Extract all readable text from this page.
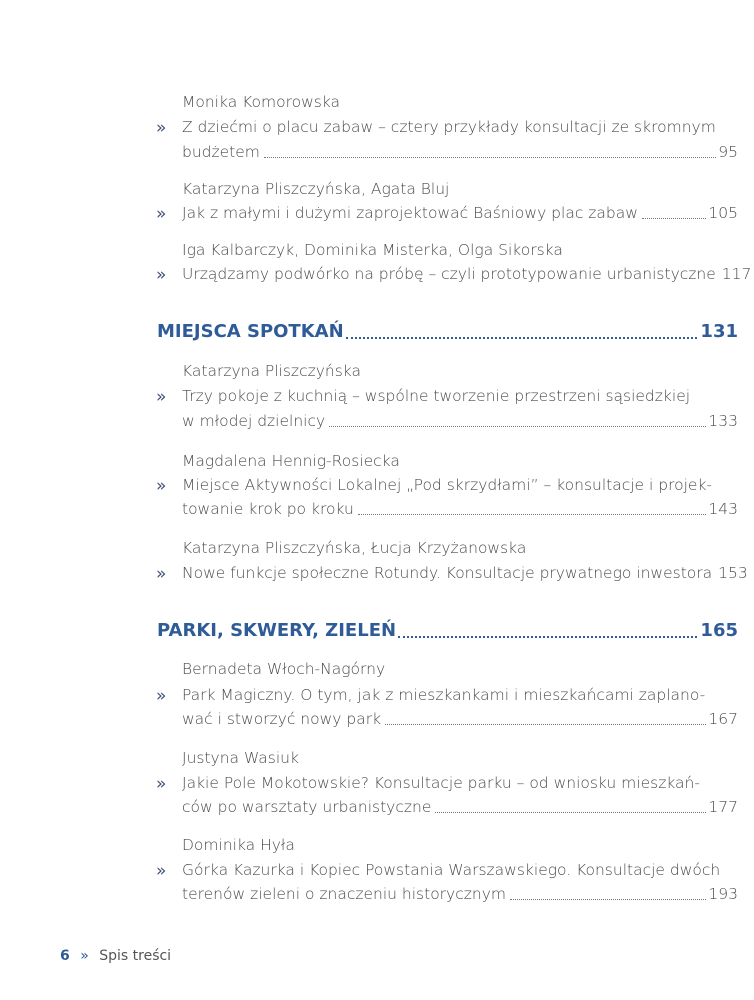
Monika Komorowska
» Z dziećmi o placu zabaw – cztery przykłady konsultacji ze skromnym
budżetem	95
Katarzyna Pliszczyńska, Agata Bluj
» Jak z małymi i dużymi zaprojektować Baśniowy plac zabaw	105
Iga Kalbarczyk, Dominika Misterka, Olga Sikorska
» Urządzamy podwórko na próbę – czyli prototypowanie urbanistyczne 117
MIEJSCA SPOTKAŃ	131
Katarzyna Pliszczyńska
» Trzy pokoje z kuchnią – wspólne tworzenie przestrzeni sąsiedzkiej
w młodej dzielnicy	133
Magdalena Hennig-Rosiecka
» Miejsce Aktywności Lokalnej „Pod skrzydłami” – konsultacje i projek-
towanie krok po kroku	143
Katarzyna Pliszczyńska, Łucja Krzyżanowska
» Nowe funkcje społeczne Rotundy. Konsultacje prywatnego inwestora 153
PARKI, SKWERY, ZIELEŃ	165
Bernadeta Włoch-Nagórny
» Park Magiczny. O tym, jak z mieszkankami i mieszkańcami zaplano-
wać i stworzyć nowy park	167
Justyna Wasiuk
» Jakie Pole Mokotowskie? Konsultacje parku – od wniosku mieszkań-
ców po warsztaty urbanistyczne	177
Dominika Hyła
» Górka Kazurka i Kopiec Powstania Warszawskiego. Konsultacje dwóch
terenów zieleni o znaczeniu historycznym	193
6 » Spis treści
